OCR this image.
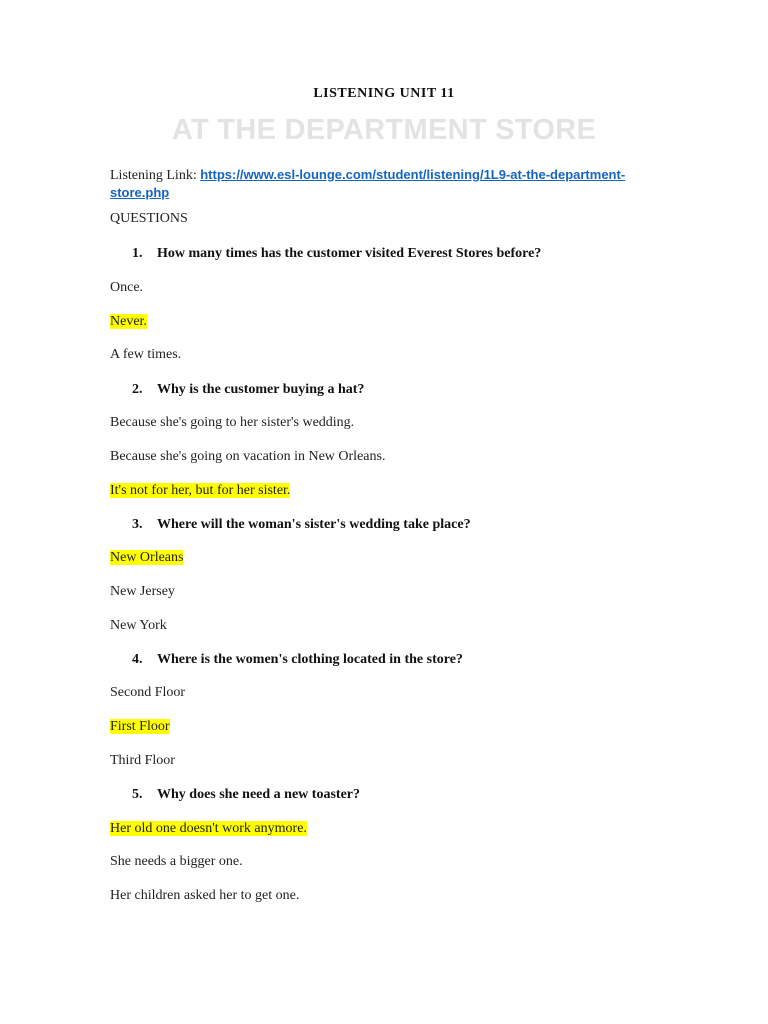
LISTENING UNIT 11
AT THE DEPARTMENT STORE
Listening Link: https://www.esl-lounge.com/student/listening/1L9-at-the-department-
store.php
QUESTIONS
1. How many times has the customer visited Everest Stores before?
Once.
Never.
A few times.
2. Why is the customer buying a hat?
Because she's going to her sister's wedding.
Because she's going on vacation in New Orleans.
It's not for her, but for her sister.
3. Where will the woman's sister's wedding take place?
New Orleans
New Jersey
New York
4. Where is the women's clothing located in the store?
Second Floor
First Floor
Third Floor
5. Why does she need a new toaster?
Her old one doesn't work anymore.
She needs a bigger one.
Her children asked her to get one.
